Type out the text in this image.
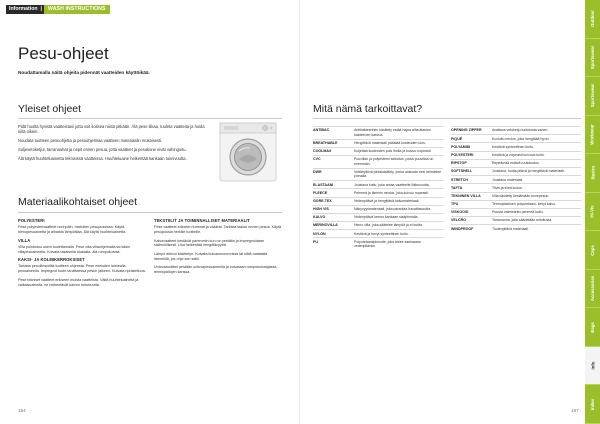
Information |	WASH INSTRUCTIONS
Pesu-ohjeet
Noudattamalla näitä ohjeita pidennät vaatteiden käyttöikää.
Yleiset ohjeet

Pidä huolta hyvistä vaatteistasi jotta voit iloitsea niistä pitkään. Älä pese liikaa, tuuleta vaatteita ja hoida niitä oikein.

Noudata tuotteen pesuohjetta ja pesuohjelmaa vaatteen materiaalin mukaisesti.

Suljevetoketjut, tarranauhat ja nepit ennen pesua, jotta vaatteet ja pesukone eivät vahingoitu.

Älä käytä huuhteluainetta teknisissä vaatteissa. Huuhteluaine heikentää kankaan toimivuutta.

Materiaalikohtaiset ohjeet
POLYESTERI

Pese polyesterivaatteet nurinpäin, mieluiten pesupussissa. Käytä hienopesuainetta ja alhaista lämpötilaa. Älä käytä huuhteluainetta.

VILLA

Villa puhdistuu usein tuulettamalla. Pese villa villaohjelmalla tai käsin villapesuaineella. Kuivata tasaisella alustalla, älä rumpukuivaa.

KAKSI- JA KOLMIKERROKSISET

Tarkista pesulämpötila tuotteen ohjeesta. Pese mieluiten laimealla pesuaineella. Impregnoi tuote tarvittaessa pesun jälkeen. Kuivata ripustettuna.

Pese tekniset vaatteet erikseen muista vaatteista. Vältä huuhteluaineita ja valkaisuaineita, ne heikentävät kalvon toimivuutta.

TEKSTIILIT JA TOIMINNALLISET MATERIAALIT

Pese vaatteet erikseen tummat ja vaaleat. Tarkista taskut ennen pesua. Käytä pesupussia herkille tuotteille.

Kalvovaatteet kestävät paremmin kun ne pestään ja impregnoidaan säännöllisesti. Lika heikentää hengittävyyttä.

Lämpö aktivoi käsittelyn. Kuivata kuivausrummussa tai silitä matalalla lämmöllä, jos ohje sen sallii.

Untuvatuotteet pestään untuvapesuaineella ja kuivataan rumpukuivaajassa tennispallojen kanssa.

184
Mitä nämä tarkoittavat?
ANTIBAC	Antibakteerinen käsittely estää hajua aiheuttavien bakteerien kasvua.
BREATHABLE	Hengittävä materiaali päästää kosteuden ulos.
COOLMAX	Kuljettaa kosteuden pois iholta ja kuivuu nopeasti.
CVC	Puuvillan ja polyesterin sekoitus, jossa puuvillaa on enemmän.
DWR	Vettähylkivä pintakäsittely, jonka ansiosta vesi helmeilee pinnalla.
ELASTAANI	Joustava kuitu, joka antaa vaatteelle liikkuvuutta.
FLEECE	Pehmeä ja lämmin neulos, joka kuivuu nopeasti.
GORE-TEX	Vedenpitävä ja hengittävä kalvomateriaali.
HIGH VIS	Näkyvyysmateriaali, joka parantaa havaittavuutta.
KALVO	Vedenpitävä kerros kankaan sisäpinnalla.
MERINOVILLA	Hieno villa, joka säätelee lämpöä ja ei kutita.
NYLON	Kestävä ja kevyt synteettinen kuitu.
PU	Polyuretaanipinnoite, joka tekee kankaasta vedenpitävän.
OPENING ZIPPER	Avattava vetoketju tuuletusta varten.
PIQUÉ	Kuvioitu neulos, joka hengittää hyvin.
POLYAMIDI	Kestävä synteettinen kuitu.
POLYESTERI	Kestävä ja nopeasti kuivuva kuitu.
RIPSTOP	Repeämää estävä ruutukudos.
SOFTSHELL	Joustava, tuulta pitävä ja hengittävä materiaali.
STRETCH	Joustava materiaali.
TAFTA	Tiivis ja sileä kudos.
TEKNINEN VILLA	Villa käsitelty kestämään konepesun.
TPU	Termoplastinen polyuretaani, kevyt kalvo.
VISKOOSI	Puusta valmistettu pehmeä kuitu.
VELCRO	Tarranauha, jolla säädetään mitoitusta.
WINDPROOF	Tuulenpitävä materiaali.
187
Outdoor
Sportswear
Sportswear
Workwear
Basics
Hi-Vis
Caps
Accessories
Bags
Info
Index
